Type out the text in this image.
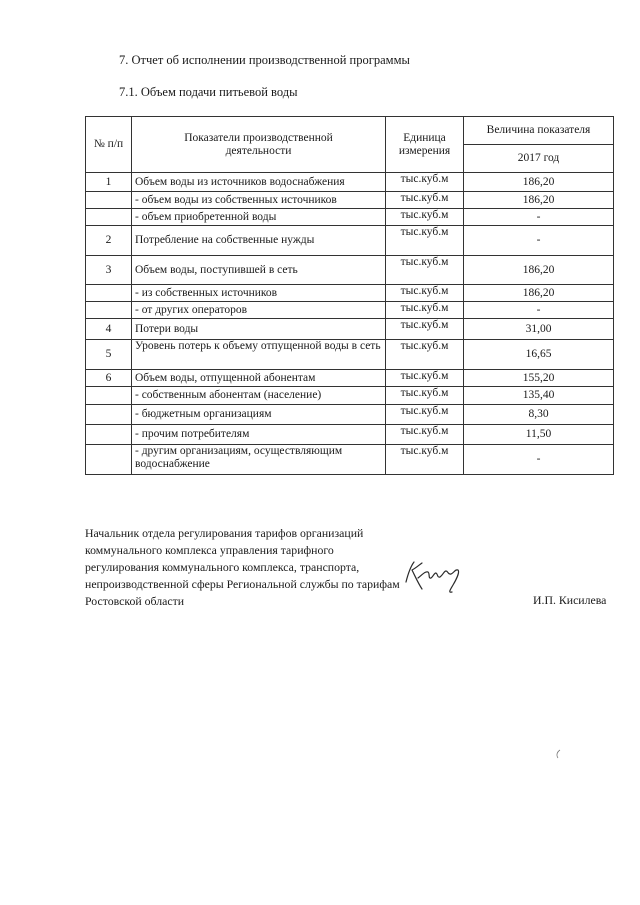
7. Отчет об исполнении производственной программы
7.1. Объем подачи питьевой воды
№ п/п	Показатели производственной деятельности	Единица измерения	Величина показателя
			2017 год
1	Объем воды из источников водоснабжения	тыс.куб.м	186,20
	- объем воды из собственных источников	тыс.куб.м	186,20
	- объем приобретенной воды	тыс.куб.м	-
2	Потребление на собственные нужды	тыс.куб.м	-
3	Объем воды, поступившей в сеть	тыс.куб.м	186,20
	- из собственных источников	тыс.куб.м	186,20
	- от других операторов	тыс.куб.м	-
4	Потери воды	тыс.куб.м	31,00
5	Уровень потерь к объему отпущенной воды в сеть	тыс.куб.м	16,65
6	Объем воды, отпущенной абонентам	тыс.куб.м	155,20
	- собственным абонентам (население)	тыс.куб.м	135,40
	- бюджетным организациям	тыс.куб.м	8,30
	- прочим потребителям	тыс.куб.м	11,50
	- другим организациям, осуществляющим водоснабжение	тыс.куб.м	-
Начальник отдела регулирования тарифов организаций коммунального комплекса управления тарифного регулирования коммунального комплекса, транспорта, непроизводственной сферы Региональной службы по тарифам Ростовской области	И.П. Кисилева
